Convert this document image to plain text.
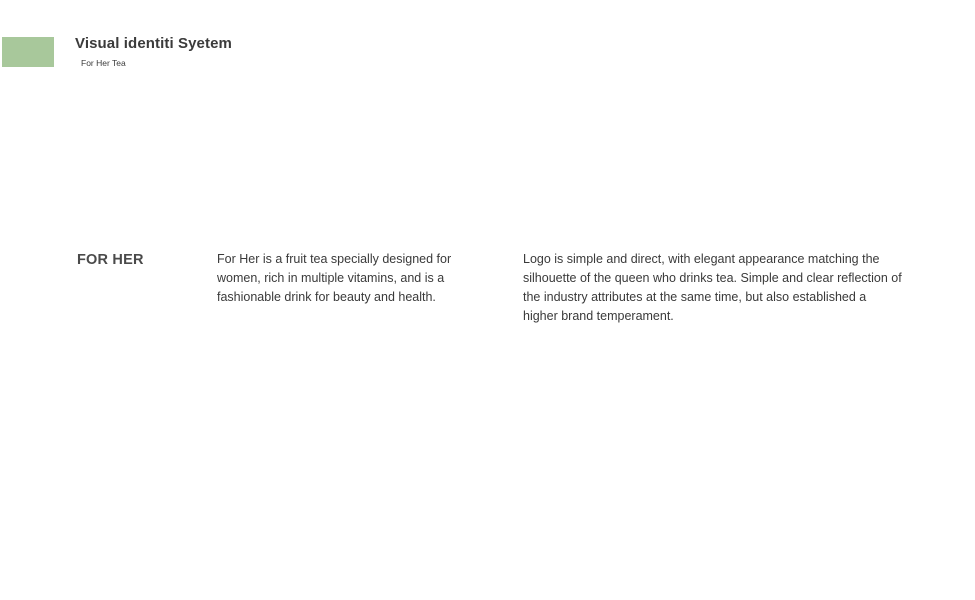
Visual identiti Syetem
For Her Tea
FOR HER	For Her is a fruit tea specially designed for women, rich in multiple vitamins, and is a fashionable drink for beauty and health.
Logo is simple and direct, with elegant appearance matching the silhouette of the queen who drinks tea. Simple and clear reflection of the industry attributes at the same time, but also established a higher brand temperament.
